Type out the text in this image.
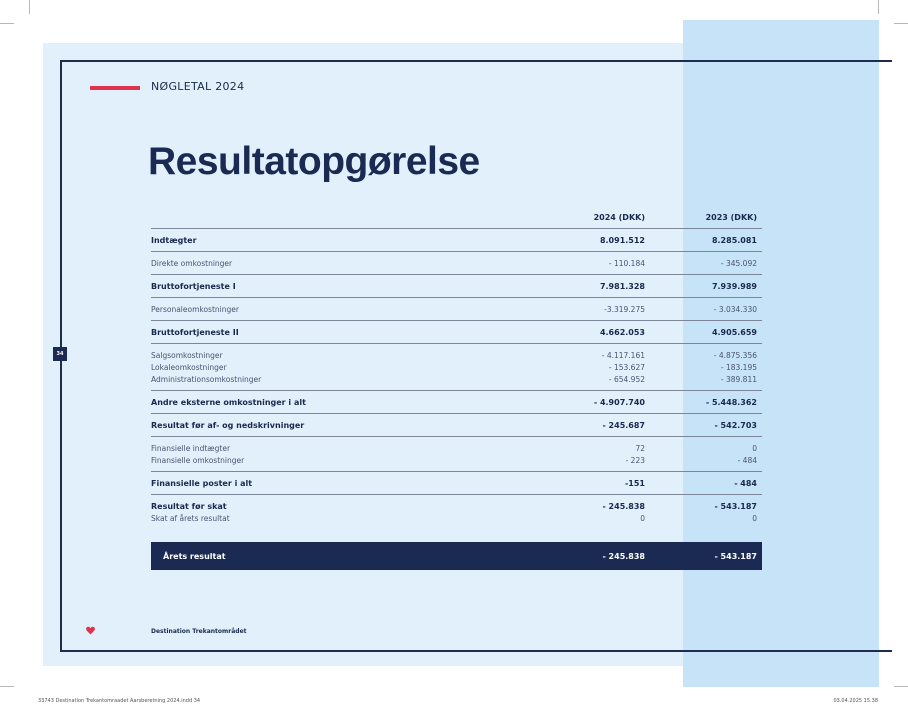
NØGLETAL 2024
Resultatopgørelse
34
2024 (DKK)	2023 (DKK)
Indtægter	8.091.512	8.285.081
Direkte omkostninger	- 110.184	- 345.092
Bruttofortjeneste I	7.981.328	7.939.989
Personaleomkostninger	-3.319.275	- 3.034.330
Bruttofortjeneste II	4.662.053	4.905.659
Salgsomkostninger	- 4.117.161	- 4.875.356
Lokaleomkostninger	- 153.627	- 183.195
Administrationsomkostninger	- 654.952	- 389.811
Andre eksterne omkostninger i alt	- 4.907.740	- 5.448.362
Resultat før af- og nedskrivninger	- 245.687	- 542.703
Finansielle indtægter	72	0
Finansielle omkostninger	- 223	- 484
Finansielle poster i alt	-151	- 484
Resultat før skat	- 245.838	- 543.187
Skat af årets resultat	0	0
Årets resultat	- 245.838	- 543.187
Destination Trekantområdet
33743 Destination Trekantomraadet Aarsberetning 2024.indd 34	03.04.2025 15.38
